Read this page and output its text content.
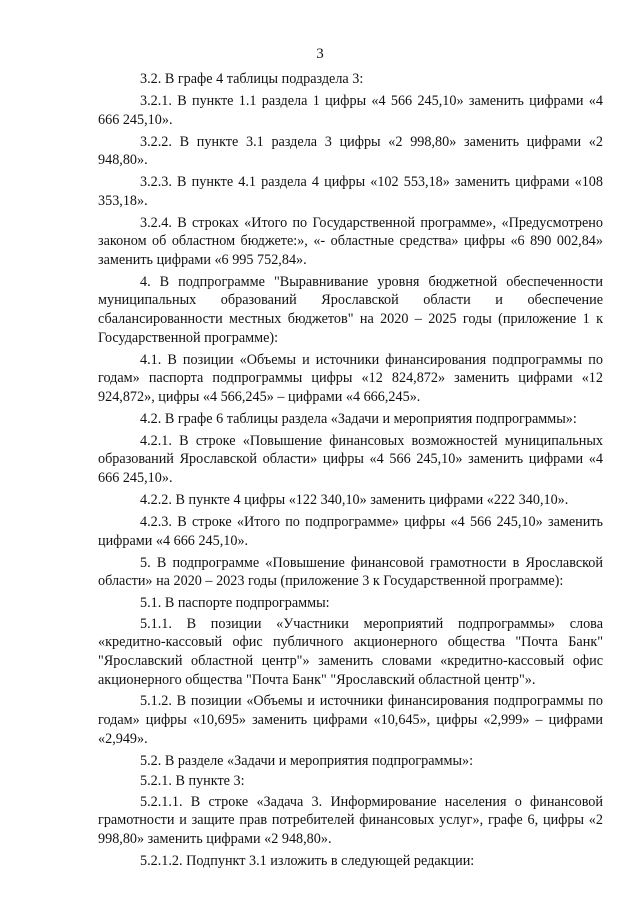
3

3.2. В графе 4 таблицы подраздела 3:

3.2.1. В пункте 1.1 раздела 1 цифры «4 566 245,10» заменить цифрами «4 666 245,10».

3.2.2. В пункте 3.1 раздела 3 цифры «2 998,80» заменить цифрами «2 948,80».

3.2.3. В пункте 4.1 раздела 4 цифры «102 553,18» заменить цифрами «108 353,18».

3.2.4. В строках «Итого по Государственной программе», «Предусмотрено законом об областном бюджете:», «- областные средства» цифры «6 890 002,84» заменить цифрами «6 995 752,84».

4. В подпрограмме "Выравнивание уровня бюджетной обеспеченности муниципальных образований Ярославской области и обеспечение сбалансированности местных бюджетов" на 2020 – 2025 годы (приложение 1 к Государственной программе):

4.1. В позиции «Объемы и источники финансирования подпрограммы по годам» паспорта подпрограммы цифры «12 824,872» заменить цифрами «12 924,872», цифры «4 566,245» – цифрами «4 666,245».

4.2. В графе 6 таблицы раздела «Задачи и мероприятия подпрограммы»:

4.2.1. В строке «Повышение финансовых возможностей муниципальных образований Ярославской области» цифры «4 566 245,10» заменить цифрами «4 666 245,10».

4.2.2. В пункте 4 цифры «122 340,10» заменить цифрами «222 340,10».

4.2.3. В строке «Итого по подпрограмме» цифры «4 566 245,10» заменить цифрами «4 666 245,10».

5. В подпрограмме «Повышение финансовой грамотности в Ярославской области» на 2020 – 2023 годы (приложение 3 к Государственной программе):

5.1. В паспорте подпрограммы:

5.1.1. В позиции «Участники мероприятий подпрограммы» слова «кредитно-кассовый офис публичного акционерного общества "Почта Банк" "Ярославский областной центр"» заменить словами «кредитно-кассовый офис акционерного общества "Почта Банк" "Ярославский областной центр"».

5.1.2. В позиции «Объемы и источники финансирования подпрограммы по годам» цифры «10,695» заменить цифрами «10,645», цифры «2,999» – цифрами «2,949».

5.2. В разделе «Задачи и мероприятия подпрограммы»:

5.2.1. В пункте 3:

5.2.1.1. В строке «Задача 3. Информирование населения о финансовой грамотности и защите прав потребителей финансовых услуг», графе 6, цифры «2 998,80» заменить цифрами «2 948,80».

5.2.1.2. Подпункт 3.1 изложить в следующей редакции:
